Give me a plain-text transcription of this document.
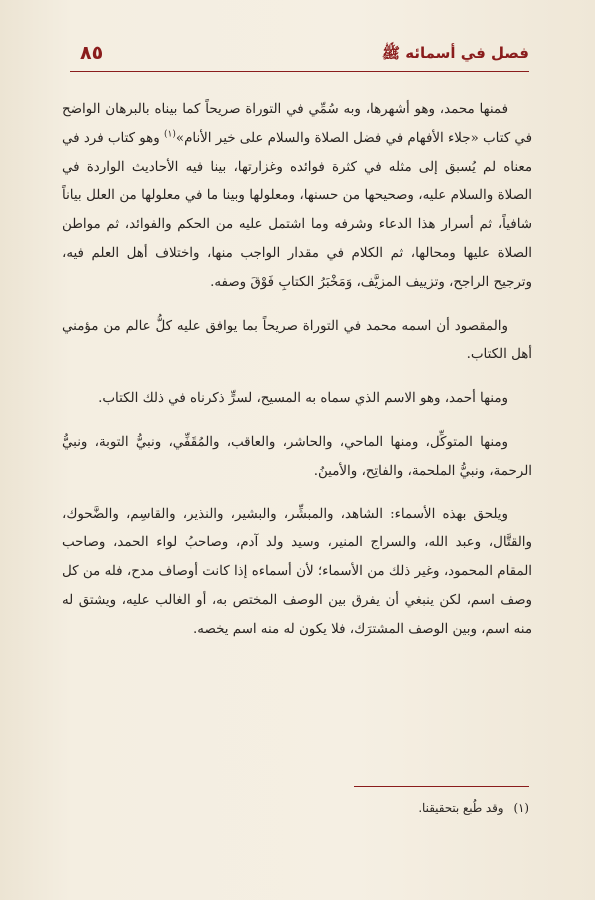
فصل في أسمائه ﷺ
٨٥

فمنها محمد، وهو أشهرها، وبه سُمِّي في التوراة صريحاً كما بيناه بالبرهان الواضح في كتاب «جلاء الأفهام في فضل الصلاة والسلام على خير الأنام»$^{(١)}$ وهو كتاب فرد في معناه لم يُسبق إلى مثله في كثرة فوائده وغزارتها، بينا فيه الأحاديث الواردة في الصلاة والسلام عليه، وصحيحها من حسنها، ومعلولها وبينا ما في معلولها من العلل بياناً شافياً، ثم أسرار هذا الدعاء وشرفه وما اشتمل عليه من الحكم والفوائد، ثم مواطن الصلاة عليها ومحالها، ثم الكلام في مقدار الواجب منها، واختلاف أهل العلم فيه، وترجيح الراجح، وتزييف المزيَّف، وَمَخْبَرُ الكتابِ فَوْقَ وصفه.

والمقصود أن اسمه محمد في التوراة صريحاً بما يوافق عليه كلُّ عالم من مؤمني أهل الكتاب.

ومنها أحمد، وهو الاسم الذي سماه به المسيح، لسرٍّ ذكرناه في ذلك الكتاب.

ومنها المتوكِّل، ومنها الماحي، والحاشر، والعاقب، والمُقَفِّي، ونبيُّ التوبة، ونبيُّ الرحمة، ونبيُّ الملحمة، والفاتِح، والأمينُ.

ويلحق بهذه الأسماء: الشاهد، والمبشِّر، والبشير، والنذير، والقاسِم، والضَّحوك، والقتَّال، وعبد الله، والسراج المنير، وسيد ولد آدم، وصاحبُ لواء الحمد، وصاحب المقام المحمود، وغير ذلك من الأسماء؛ لأن أسماءه إذا كانت أوصاف مدح، فله من كل وصف اسم، لكن ينبغي أن يفرق بين الوصف المختص به، أو الغالب عليه، ويشتق له منه اسم، وبين الوصف المشترَك، فلا يكون له منه اسم يخصه.

(١)وقد طُبع بتحقيقنا.
